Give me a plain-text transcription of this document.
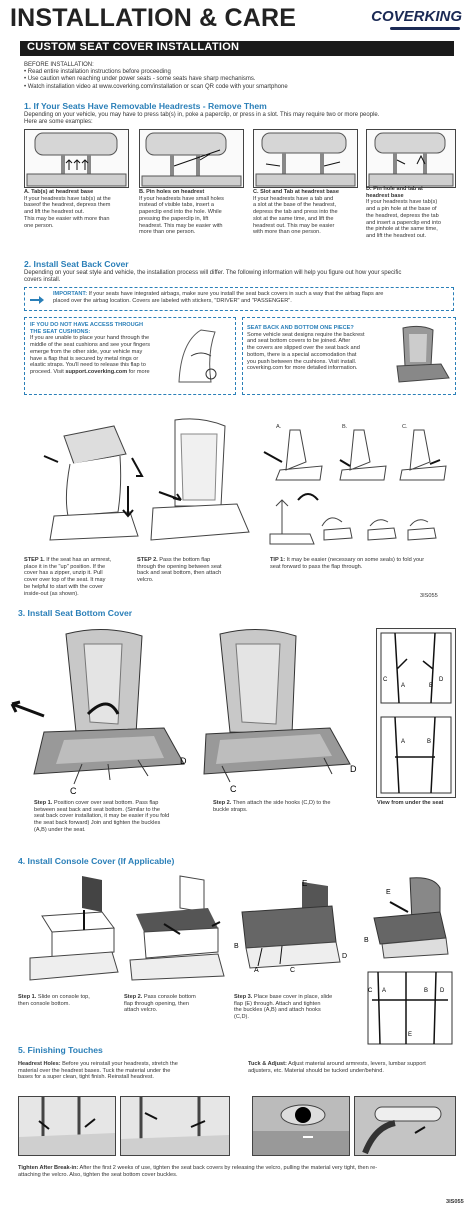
INSTALLATION & CARE	COVERKING
CUSTOM SEAT COVER INSTALLATION
BEFORE INSTALLATION:
• Read entire installation instructions before proceeding
• Use caution when reaching under power seats - some seats have sharp mechanisms.
• Watch installation video at www.coverking.com/installation or scan QR code with your smartphone
1. If Your Seats Have Removable Headrests - Remove Them
Depending on your vehicle, you may have to press tab(s) in, poke a paperclip, or press in a slot. This may require two or more people.
Here are some examples:
A. Tab(s) at headrest base
If your headrests have tab(s) at the
baseof the headrest, depress them
and lift the headrest out.
This may be easier with more than
one person.
B. Pin holes on headrest
If your headrests have small holes
instead of visible tabs, insert a
paperclip end into the hole. While
pressing the paperclip in, lift
headrest. This may be easier with
more than one person.
C. Slot and Tab at headrest base
If your headrests have a tab and
a slot at the base of the headrest,
depress the tab and press into the
slot at the same time, and lift the
headrest out. This may be easier
with more than one person.
D. Pin hole and tab at
headrest base
If your headrests have tab(s)
and a pin hole at the base of
the headrest, depress the tab
and insert a paperclip end into
the pinhole at the same time,
and lift the headrest out.
2. Install Seat Back Cover
Depending on your seat style and vehicle, the installation process will differ. The following information will help you figure out how your specific
covers install.
IMPORTANT: If your seats have integrated airbags, make sure you install the seat back covers in such a way that the airbag flaps are
placed over the airbag location. Covers are labeled with stickers, "DRIVER" and "PASSENGER".
IF YOU DO NOT HAVE ACCESS THROUGH
THE SEAT CUSHIONS:
If you are unable to place your hand through the
middle of the seat cushions and see your fingers
emerge from the other side, your vehicle may
have a flap that is secured by metal rings or
elastic straps. You'll need to release this flap to
proceed. Visit support.coverking.com for more
SEAT BACK AND BOTTOM ONE PIECE?
Some vehicle seat designs require the backrest
and seat bottom covers to be joined. After
the covers are slipped over the seat back and
bottom, there is a special accomodation that
you push between the cushions. Visit install.
coverking.com for more detailed information.
A.	B.	C.
STEP 1. If the seat has an armrest,
place it in the "up" position. If the
cover has a zipper, unzip it. Pull
cover over top of the seat. It may
be helpful to start with the cover
inside-out (as shown).
STEP 2. Pass the bottom flap
through the opening between seat
back and seat bottom, then attach
velcro.
TIP 1: It may be easier (necessary on some seals) to fold your
seat forward to pass the flap through.
3IS055
3. Install Seat Bottom Cover
C
D
C
D
C
A
D
B
A	B
Step 1. Position cover over seat bottom. Pass flap
between seat back and seat bottom. (Similar to the
seat back cover installation, it may be easier if you fold
the seat back forward) Join and tighten the buckles
(A,B) under the seat.
Step 2. Then attach the side hooks (C,D) to the
buckle straps.
View from under the seat
4. Install Console Cover (If Applicable)
E
B
A	C
D
E
B
C A	B D
E
Step 1. Slide on console top,
then console bottom.
Step 2. Pass console bottom
flap through opening, then
attach velcro.
Step 3. Place base cover in place, slide
flap (E) through. Attach and tighten
the buckles (A,B) and attach hooks
(C,D).
5. Finishing Touches
Headrest Holes: Before you reinstall your headrests, stretch the
material over the headrest bases. Tuck the material under the
bases for a super clean, tight finish. Reinstall headrest.
Tuck & Adjust: Adjust material around armrests, levers, lumbar support
adjusters, etc. Material should be tucked under/behind.
Tighten After Break-in: After the first 2 weeks of use, tighten the seat back covers by releasing the velcro, pulling the material very tight, then re-
attaching the velcro. Also, tighten the seat bottom cover buckles.
3IS055
